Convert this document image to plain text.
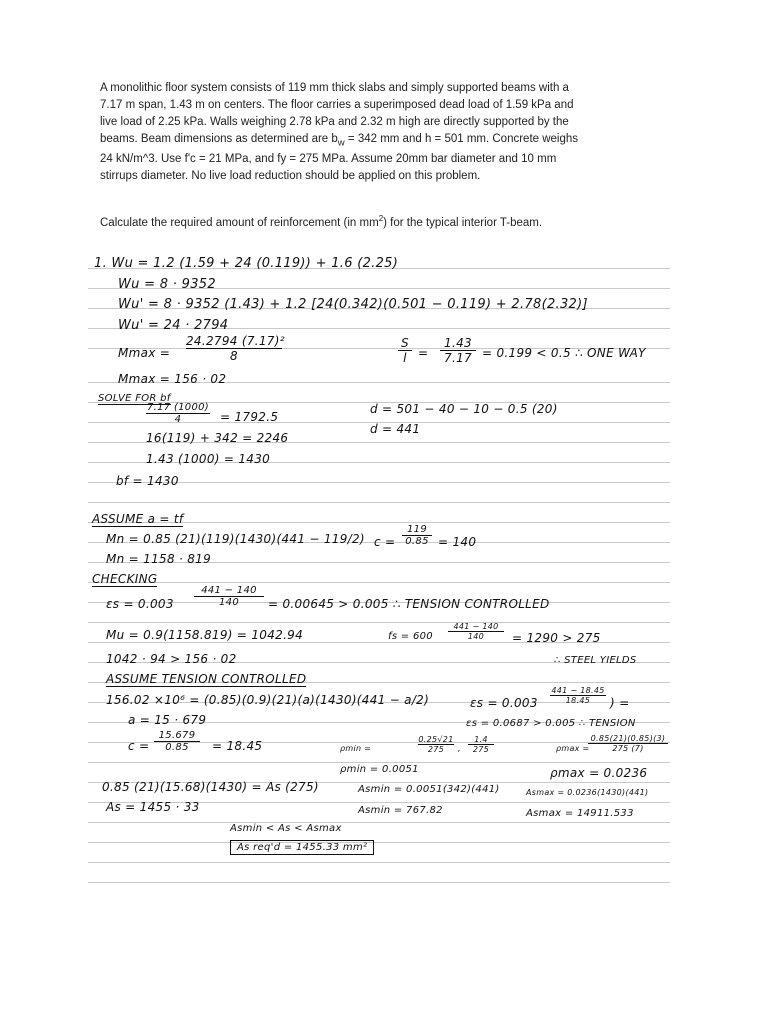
A monolithic floor system consists of 119 mm thick slabs and simply supported beams with a

7.17 m span, 1.43 m on centers. The floor carries a superimposed dead load of 1.59 kPa and

live load of 2.25 kPa. Walls weighing 2.78 kPa and 2.32 m high are directly supported by the

beams. Beam dimensions as determined are $b_w = 342$ mm and h = 501 mm. Concrete weighs

24 kN/m^3. Use f'c = 21 MPa, and fy = 275 MPa. Assume 20mm bar diameter and 10 mm

stirrups diameter. No live load reduction should be applied on this problem.

Calculate the required amount of reinforcement (in $mm^2$) for the typical interior T-beam.
1. Wu = 1.2 (1.59 + 24 (0.119)) + 1.6 (2.25)
Wu = 8 · 9352
Wu' = 8 · 9352 (1.43) + 1.2 [24(0.342)(0.501 − 0.119) + 2.78(2.32)]
Wu' = 24 · 2794
$Mmax = \frac{\text{24.2794 (7.17)²}}{8}$	S
$l = \frac{1.43}{7.17} = 0.199 < 0.5$ ∴ ONE WAY
Mmax = 156 · 02
SOLVE FOR bf
$\frac{7.17 (1000)}{4} = 1792.5$
16(119) + 342 = 2246
1.43 (1000) = 1430
bf = 1430
d = 501 − 40 − 10 − 0.5 (20)
d = 441
ASSUME a = tf
Mn = 0.85 (21)(119)(1430)(441 − 119/2) $c = \frac{119}{0.85} = 140$
Mn = 1158 · 819
CHECKING
$\varepsilon s = 0.003 \frac{441 - 140}{140} = 0.00645 > 0.005$ ∴ TENSION CONTROLLED
Mu = 0.9(1158.819) = 1042.94	fs = $600 \frac{441 - 140}{140} = 1290 > 275$
1042 · 94 > 156 · 02	∴ STEEL YIELDS
ASSUME TENSION CONTROLLED
156.02 ×10⁶ = (0.85)(0.9)(21)(a)(1430)(441 − a/2)	$\varepsilon s = 0.003 \frac{441 - 18.45}{18.45}$ ) =
a = 15 · 679	εs = 0.0687 > 0.005 ∴ TENSION
$c = \frac{15.679}{0.85} = 18.45$	ρmin =	$\frac{0.25√21}{275}$ , $\frac{1.4}{275}$	ρmax =
$\frac{0.85(21)(0.85)(3)}{275 (7)}$
ρmin = 0.0051	ρmax = 0.0236
0.85 (21)(15.68)(1430) = As (275)	Asmin = 0.0051(342)(441)	Asmax = 0.0236(1430)(441)
As = 1455 · 33	Asmin = 767.82	Asmax = 14911.533
Asmin < As < Asmax
As req'd = 1455.33 mm²
